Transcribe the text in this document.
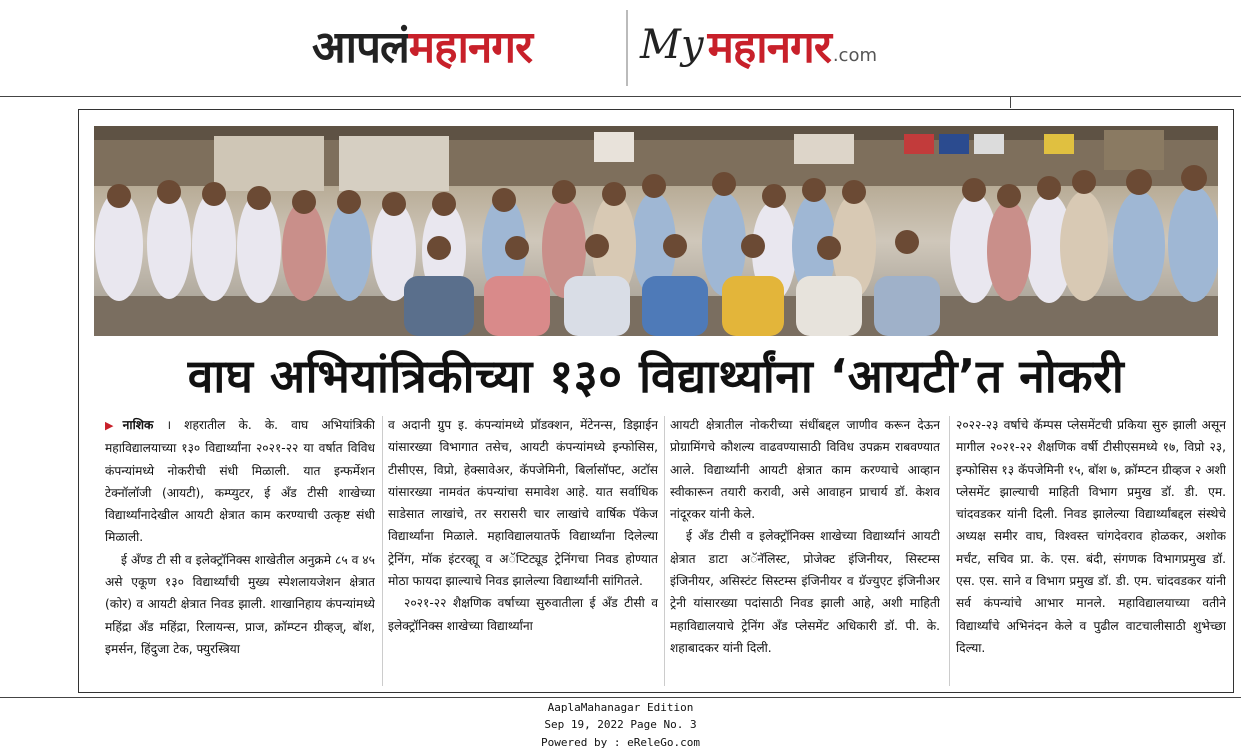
आपलं महानगर	My महानगर .com
वाघ अभियांत्रिकीच्या १३० विद्यार्थ्यांना ‘आयटी’त नोकरी

▶नाशिक । शहरातील के. के. वाघ अभियांत्रिकी महाविद्यालयाच्या १३० विद्यार्थ्यांना २०२१-२२ या वर्षात विविध कंपन्यांमध्ये नोकरीची संधी मिळाली. यात इन्फर्मेशन टेक्नॉलॉजी (आयटी), कम्प्युटर, ई अँड टीसी शाखेच्या विद्यार्थ्यांनादेखील आयटी क्षेत्रात काम करण्याची उत्कृष्ट संधी मिळाली.

ई अँण्ड टी सी व इलेक्ट्रॉनिक्स शाखेतील अनुक्रमे ८५ व ४५ असे एकूण १३० विद्यार्थ्यांची मुख्य स्पेशलायजेशन क्षेत्रात (कोर) व आयटी क्षेत्रात निवड झाली. शाखानिहाय कंपन्यांमध्ये महिंद्रा अँड महिंद्रा, रिलायन्स, प्राज, क्रॉम्प्टन ग्रीव्हज्, बॉश, इमर्सन, हिंदुजा टेक, फ्युरस्त्रिया

व अदानी ग्रुप इ. कंपन्यांमध्ये प्रॉडक्शन, मेंटेनन्स, डिझाईन यांसारख्या विभागात तसेच, आयटी कंपन्यांमध्ये इन्फोसिस, टीसीएस, विप्रो, हेक्सावेअर, कॅपजेमिनी, बिर्लासॉफ्ट, अटॉस यांसारख्या नामवंत कंपन्यांचा समावेश आहे. यात सर्वाधिक साडेसात लाखांचे, तर सरासरी चार लाखांचे वार्षिक पॅकेज विद्यार्थ्यांना मिळाले. महाविद्यालयातर्फे विद्यार्थ्यांना दिलेल्या ट्रेनिंग, मॉक इंटरव्ह्यू व अॅप्टिट्यूड ट्रेनिंगचा निवड होण्यात मोठा फायदा झाल्याचे निवड झालेल्या विद्यार्थ्यांनी सांगितले.

२०२१-२२ शैक्षणिक वर्षाच्या सुरुवातीला ई अँड टीसी व इलेक्ट्रॉनिक्स शाखेच्या विद्यार्थ्यांना

आयटी क्षेत्रातील नोकरीच्या संधींबद्दल जाणीव करून देऊन प्रोग्रामिंगचे कौशल्य वाढवण्यासाठी विविध उपक्रम राबवण्यात आले. विद्यार्थ्यांनी आयटी क्षेत्रात काम करण्याचे आव्हान स्वीकारून तयारी करावी, असे आवाहन प्राचार्य डॉ. केशव नांदूरकर यांनी केले.

ई अँड टीसी व इलेक्ट्रॉनिक्स शाखेच्या विद्यार्थ्यांनं आयटी क्षेत्रात डाटा अॅनॅलिस्ट, प्रोजेक्ट इंजिनीयर, सिस्टम्स इंजिनीयर, असिस्टंट सिस्टम्स इंजिनीयर व ग्रॅज्युएट इंजिनीअर ट्रेनी यांसारख्या पदांसाठी निवड झाली आहे, अशी माहिती महाविद्यालयाचे ट्रेनिंग अँड प्लेसमेंट अधिकारी डॉ. पी. के. शहाबादकर यांनी दिली.

२०२२-२३ वर्षाचे कॅम्पस प्लेसमेंटची प्रकिया सुरु झाली असून मागील २०२१-२२ शैक्षणिक वर्षी टीसीएसमध्ये १७, विप्रो २३, इन्फोसिस १३ कॅपजेमिनी १५, बॉश ७, क्रॉम्प्टन ग्रीव्हज २ अशी प्लेसमेंट झाल्याची माहिती विभाग प्रमुख डॉ. डी. एम. चांदवडकर यांनी दिली. निवड झालेल्या विद्यार्थ्यांबद्दल संस्थेचे अध्यक्ष समीर वाघ, विश्वस्त चांगदेवराव होळकर, अशोक मर्चंट, सचिव प्रा. के. एस. बंदी, संगणक विभागप्रमुख डॉ. एस. एस. साने व विभाग प्रमुख डॉ. डी. एम. चांदवडकर यांनी सर्व कंपन्यांचे आभार मानले. महाविद्यालयाच्या वतीने विद्यार्थ्यांचे अभिनंदन केले व पुढील वाटचालीसाठी शुभेच्छा दिल्या.

AaplaMahanagar Edition
Sep 19, 2022 Page No. 3
Powered by : eReleGo.com
